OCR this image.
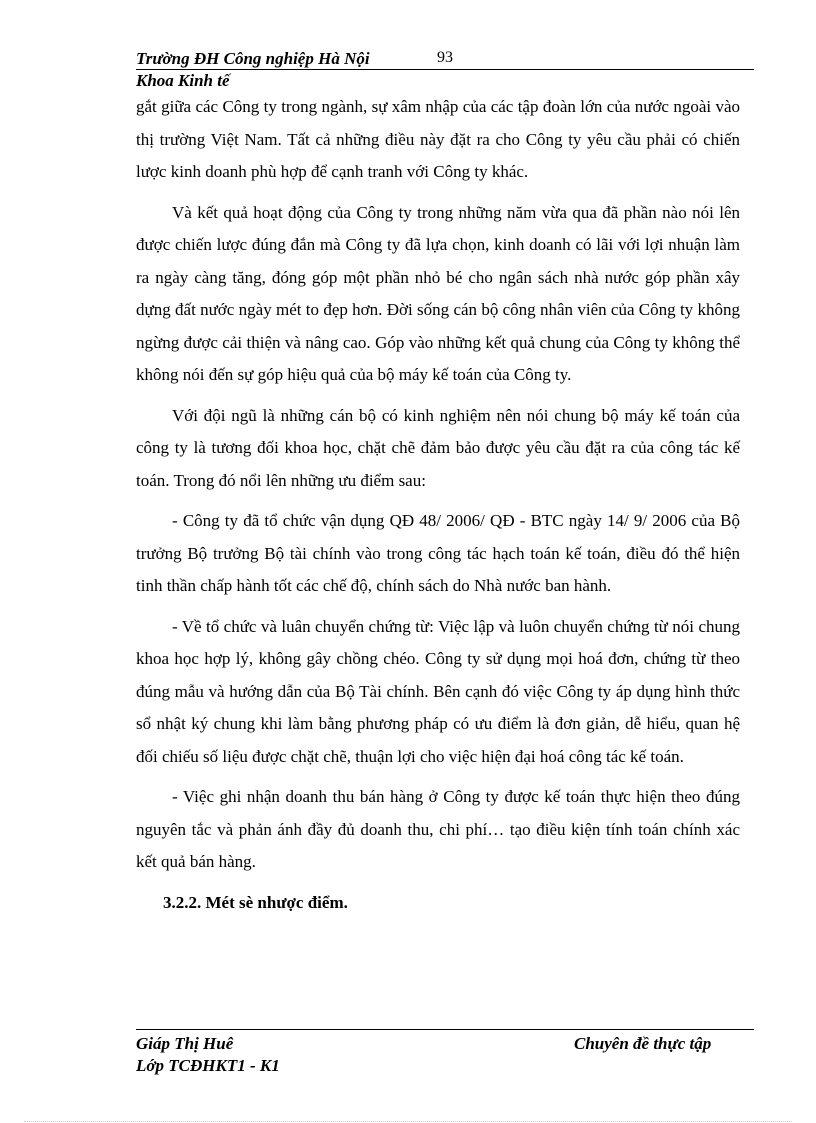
Trường ĐH Công nghiệp Hà Nội	93
Khoa Kinh tế

gắt giữa các Công ty trong ngành, sự xâm nhập của các tập đoàn lớn của nước ngoài vào thị trường Việt Nam. Tất cả những điều này đặt ra cho Công ty yêu cầu phải có chiến lược kinh doanh phù hợp để cạnh tranh với Công ty khác.

Và kết quả hoạt động của Công ty trong những năm vừa qua đã phần nào nói lên được chiến lược đúng đắn mà Công ty đã lựa chọn, kinh doanh có lãi với lợi nhuận làm ra ngày càng tăng, đóng góp một phần nhỏ bé cho ngân sách nhà nước góp phần xây dựng đất nước ngày mét to đẹp hơn. Đời sống cán bộ công nhân viên của Công ty không ngừng được cải thiện và nâng cao. Góp vào những kết quả chung của Công ty không thể không nói đến sự góp hiệu quả của bộ máy kế toán của Công ty.

Với đội ngũ là những cán bộ có kinh nghiệm nên nói chung bộ máy kế toán của công ty là tương đối khoa học, chặt chẽ đảm bảo được yêu cầu đặt ra của công tác kế toán. Trong đó nổi lên những ưu điểm sau:

- Công ty đã tổ chức vận dụng QĐ 48/ 2006/ QĐ - BTC ngày 14/ 9/ 2006 của Bộ trưởng Bộ trưởng Bộ tài chính vào trong công tác hạch toán kế toán, điều đó thể hiện tinh thần chấp hành tốt các chế độ, chính sách do Nhà nước ban hành.

- Về tổ chức và luân chuyển chứng từ: Việc lập và luôn chuyển chứng từ nói chung khoa học hợp lý, không gây chồng chéo. Công ty sử dụng mọi hoá đơn, chứng từ theo đúng mẫu và hướng dẫn của Bộ Tài chính. Bên cạnh đó việc Công ty áp dụng hình thức sổ nhật ký chung khi làm bằng phương pháp có ưu điểm là đơn giản, dễ hiểu, quan hệ đối chiếu số liệu được chặt chẽ, thuận lợi cho việc hiện đại hoá công tác kế toán.

- Việc ghi nhận doanh thu bán hàng ở Công ty được kế toán thực hiện theo đúng nguyên tắc và phản ánh đầy đủ doanh thu, chi phí… tạo điều kiện tính toán chính xác kết quả bán hàng.

3.2.2. Mét sè nhược điểm.

Giáp Thị Huê
Lớp TCĐHKT1 - K1
Chuyên đề thực tập
